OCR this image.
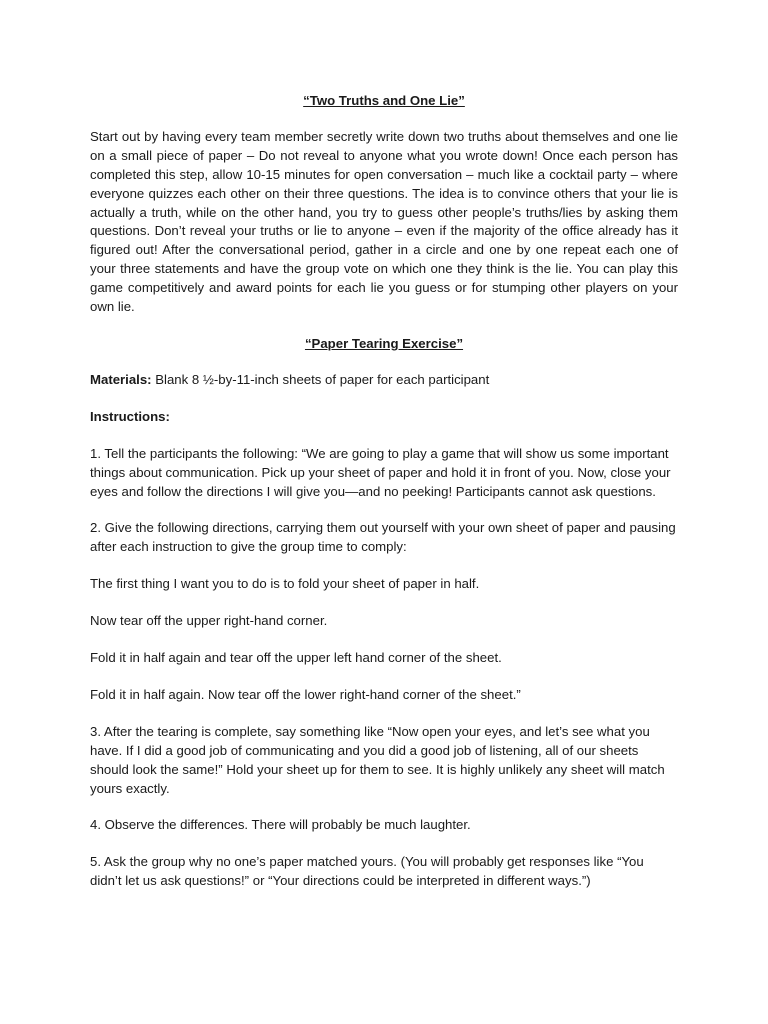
“Two Truths and One Lie”
Start out by having every team member secretly write down two truths about themselves and one lie on a small piece of paper – Do not reveal to anyone what you wrote down! Once each person has completed this step, allow 10-15 minutes for open conversation – much like a cocktail party – where everyone quizzes each other on their three questions. The idea is to convince others that your lie is actually a truth, while on the other hand, you try to guess other people’s truths/lies by asking them questions. Don’t reveal your truths or lie to anyone – even if the majority of the office already has it figured out! After the conversational period, gather in a circle and one by one repeat each one of your three statements and have the group vote on which one they think is the lie. You can play this game competitively and award points for each lie you guess or for stumping other players on your own lie.
“Paper Tearing Exercise”
Materials: Blank 8 ½-by-11-inch sheets of paper for each participant
Instructions:
1. Tell the participants the following: “We are going to play a game that will show us some important things about communication. Pick up your sheet of paper and hold it in front of you. Now, close your eyes and follow the directions I will give you—and no peeking! Participants cannot ask questions.
2. Give the following directions, carrying them out yourself with your own sheet of paper and pausing after each instruction to give the group time to comply:
The first thing I want you to do is to fold your sheet of paper in half.
Now tear off the upper right-hand corner.
Fold it in half again and tear off the upper left hand corner of the sheet.
Fold it in half again. Now tear off the lower right-hand corner of the sheet.”
3. After the tearing is complete, say something like “Now open your eyes, and let’s see what you have. If I did a good job of communicating and you did a good job of listening, all of our sheets should look the same!” Hold your sheet up for them to see. It is highly unlikely any sheet will match yours exactly.
4. Observe the differences. There will probably be much laughter.
5. Ask the group why no one’s paper matched yours. (You will probably get responses like “You didn’t let us ask questions!” or “Your directions could be interpreted in different ways.”)
